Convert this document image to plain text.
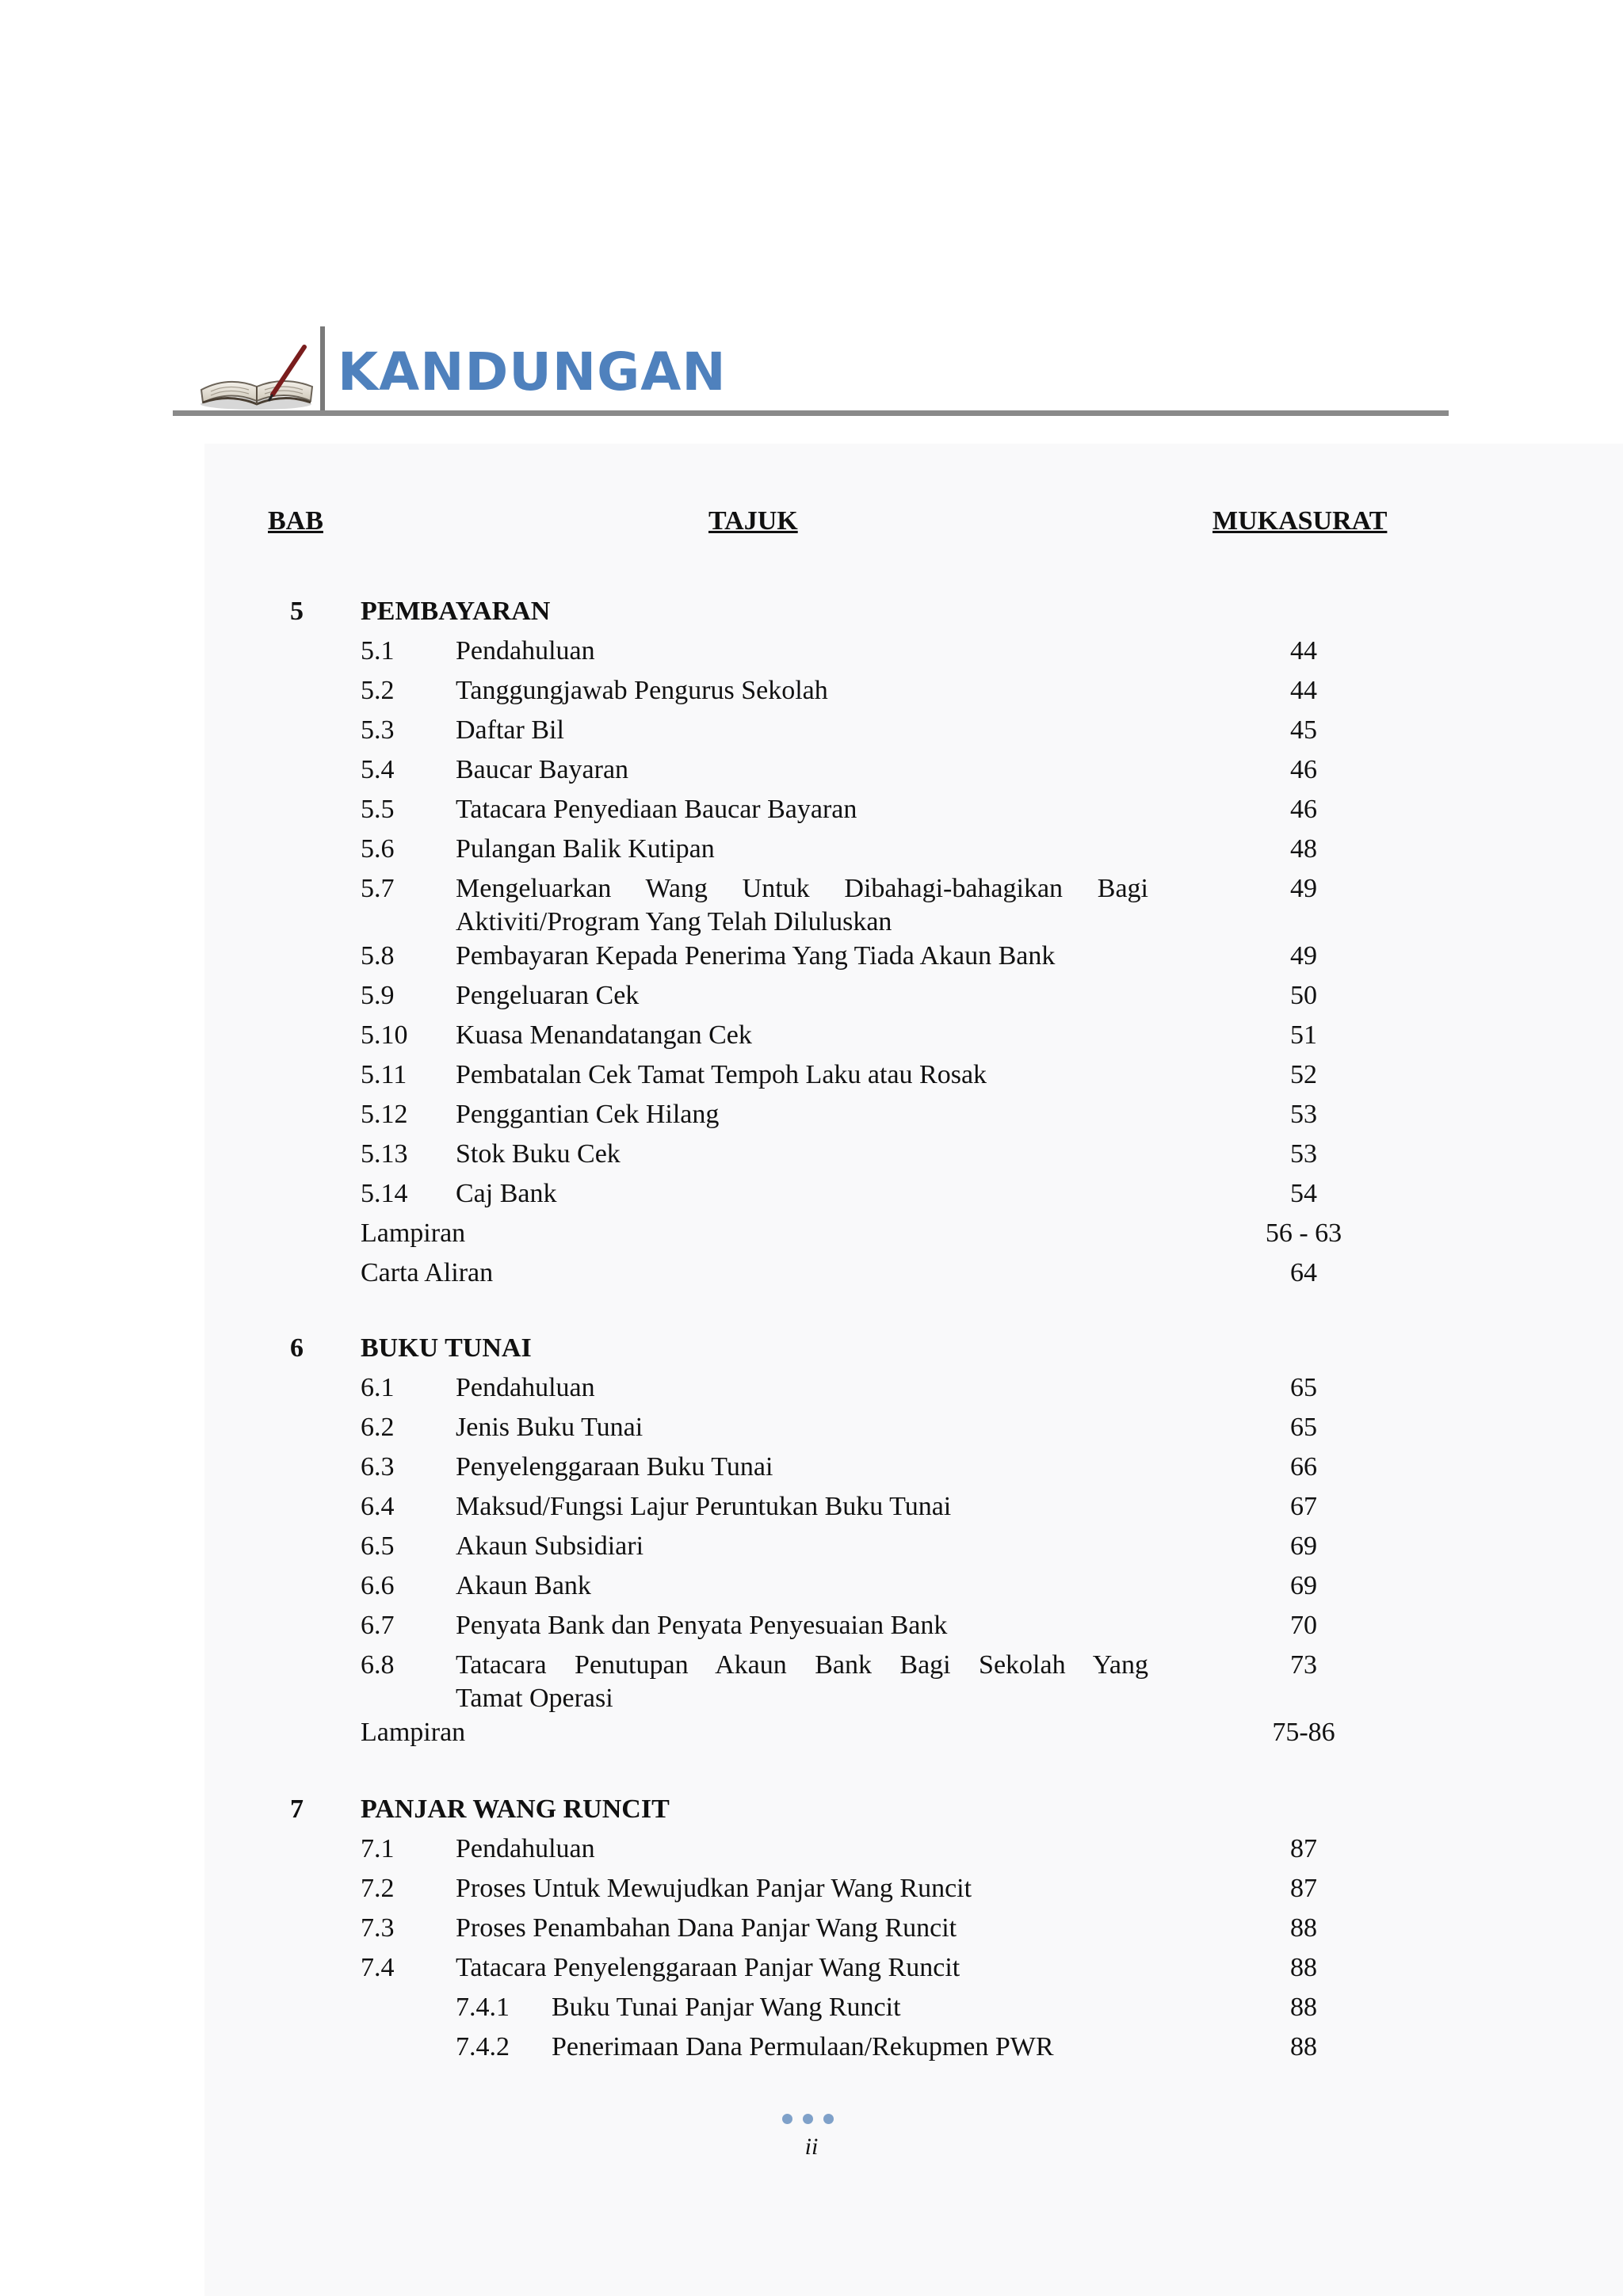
KANDUNGAN
BAB	TAJUK	MUKASURAT
5 PEMBAYARAN
5.1 Pendahuluan	44
5.2 Tanggungjawab Pengurus Sekolah	44
5.3 Daftar Bil	45
5.4 Baucar Bayaran	46
5.5 Tatacara Penyediaan Baucar Bayaran	46
5.6 Pulangan Balik Kutipan	48
5.7 Mengeluarkan Wang Untuk Dibahagi-bahagikan Bagi	49
Aktiviti/Program Yang Telah Diluluskan
5.8 Pembayaran Kepada Penerima Yang Tiada Akaun Bank	49
5.9 Pengeluaran Cek	50
5.10 Kuasa Menandatangan Cek	51
5.11 Pembatalan Cek Tamat Tempoh Laku atau Rosak	52
5.12 Penggantian Cek Hilang	53
5.13 Stok Buku Cek	53
5.14 Caj Bank	54
Lampiran	56 - 63
Carta Aliran	64
6 BUKU TUNAI
6.1 Pendahuluan	65
6.2 Jenis Buku Tunai	65
6.3 Penyelenggaraan Buku Tunai	66
6.4 Maksud/Fungsi Lajur Peruntukan Buku Tunai	67
6.5 Akaun Subsidiari	69
6.6 Akaun Bank	69
6.7 Penyata Bank dan Penyata Penyesuaian Bank	70
6.8 Tatacara Penutupan Akaun Bank Bagi Sekolah Yang	73
Tamat Operasi
Lampiran	75-86
7 PANJAR WANG RUNCIT
7.1 Pendahuluan	87
7.2 Proses Untuk Mewujudkan Panjar Wang Runcit	87
7.3 Proses Penambahan Dana Panjar Wang Runcit	88
7.4 Tatacara Penyelenggaraan Panjar Wang Runcit	88
7.4.1 Buku Tunai Panjar Wang Runcit	88
7.4.2 Penerimaan Dana Permulaan/Rekupmen PWR	88
ii
